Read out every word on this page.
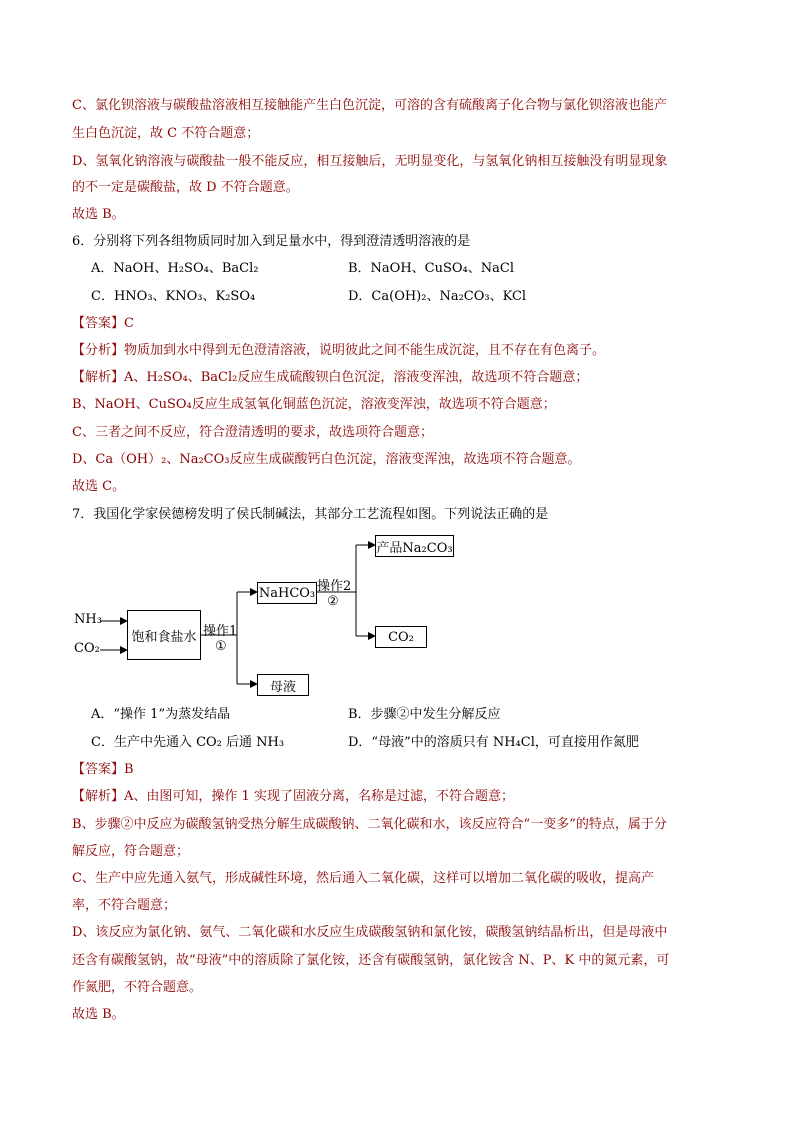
C、氯化钡溶液与碳酸盐溶液相互接触能产生白色沉淀，可溶的含有硫酸离子化合物与氯化钡溶液也能产
生白色沉淀，故 C 不符合题意；
D、氢氧化钠溶液与碳酸盐一般不能反应，相互接触后，无明显变化，与氢氧化钠相互接触没有明显现象
的不一定是碳酸盐，故 D 不符合题意。
故选 B。
6．分别将下列各组物质同时加入到足量水中，得到澄清透明溶液的是
A．NaOH、H₂SO₄、BaCl₂	B．NaOH、CuSO₄、NaCl
C．HNO₃、KNO₃、K₂SO₄	D．Ca(OH)₂、Na₂CO₃、KCl
【答案】C
【分析】物质加到水中得到无色澄清溶液，说明彼此之间不能生成沉淀，且不存在有色离子。
【解析】A、H₂SO₄、BaCl₂反应生成硫酸钡白色沉淀，溶液变浑浊，故选项不符合题意；
B、NaOH、CuSO₄反应生成氢氧化铜蓝色沉淀，溶液变浑浊，故选项不符合题意；
C、三者之间不反应，符合澄清透明的要求，故选项符合题意；
D、Ca（OH）₂、Na₂CO₃反应生成碳酸钙白色沉淀，溶液变浑浊，故选项不符合题意。
故选 C。
7．我国化学家侯德榜发明了侯氏制碱法，其部分工艺流程如图。下列说法正确的是
NH₃
CO₂
饱和食盐水 操作1
①
NaHCO₃
母液
操作2
②
产品Na₂CO₃
CO₂
A．“操作 1”为蒸发结晶	B．步骤②中发生分解反应
C．生产中先通入 CO₂ 后通 NH₃	D．“母液”中的溶质只有 NH₄Cl，可直接用作氮肥
【答案】B
【解析】A、由图可知，操作 1 实现了固液分离，名称是过滤，不符合题意；
B、步骤②中反应为碳酸氢钠受热分解生成碳酸钠、二氧化碳和水，该反应符合“一变多”的特点，属于分
解反应，符合题意；
C、生产中应先通入氨气，形成碱性环境，然后通入二氧化碳，这样可以增加二氧化碳的吸收，提高产
率，不符合题意；
D、该反应为氯化钠、氨气、二氧化碳和水反应生成碳酸氢钠和氯化铵，碳酸氢钠结晶析出，但是母液中
还含有碳酸氢钠，故“母液”中的溶质除了氯化铵，还含有碳酸氢钠，氯化铵含 N、P、K 中的氮元素，可
作氮肥，不符合题意。
故选 B。
